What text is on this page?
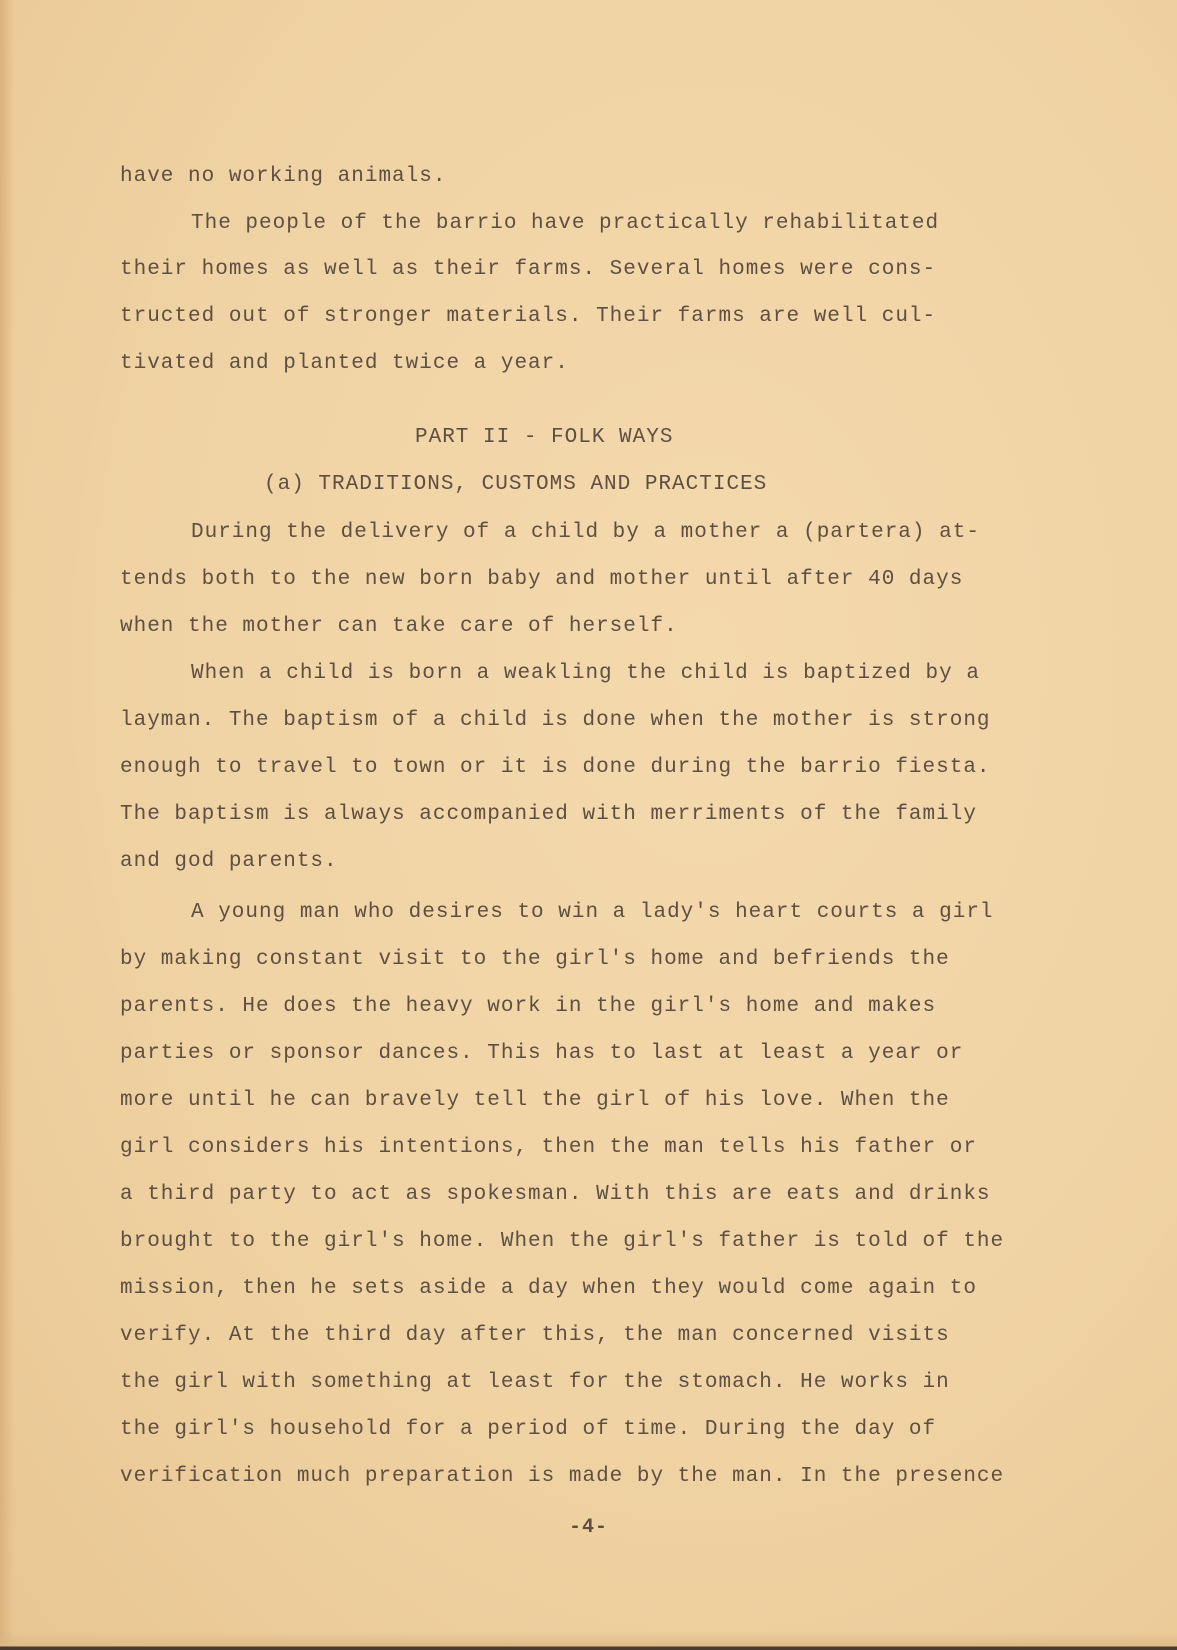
have no working animals.

The people of the barrio have practically rehabilitated

their homes as well as their farms. Several homes were cons-

tructed out of stronger materials. Their farms are well cul-

tivated and planted twice a year.

PART II - FOLK WAYS

(a) TRADITIONS, CUSTOMS AND PRACTICES

During the delivery of a child by a mother a (partera) at-

tends both to the new born baby and mother until after 40 days

when the mother can take care of herself.

When a child is born a weakling the child is baptized by a

layman. The baptism of a child is done when the mother is strong

enough to travel to town or it is done during the barrio fiesta.

The baptism is always accompanied with merriments of the family

and god parents.

A young man who desires to win a lady's heart courts a girl

by making constant visit to the girl's home and befriends the

parents. He does the heavy work in the girl's home and makes

parties or sponsor dances. This has to last at least a year or

more until he can bravely tell the girl of his love. When the

girl considers his intentions, then the man tells his father or

a third party to act as spokesman. With this are eats and drinks

brought to the girl's home. When the girl's father is told of the

mission, then he sets aside a day when they would come again to

verify. At the third day after this, the man concerned visits

the girl with something at least for the stomach. He works in

the girl's household for a period of time. During the day of

verification much preparation is made by the man. In the presence

-4-
